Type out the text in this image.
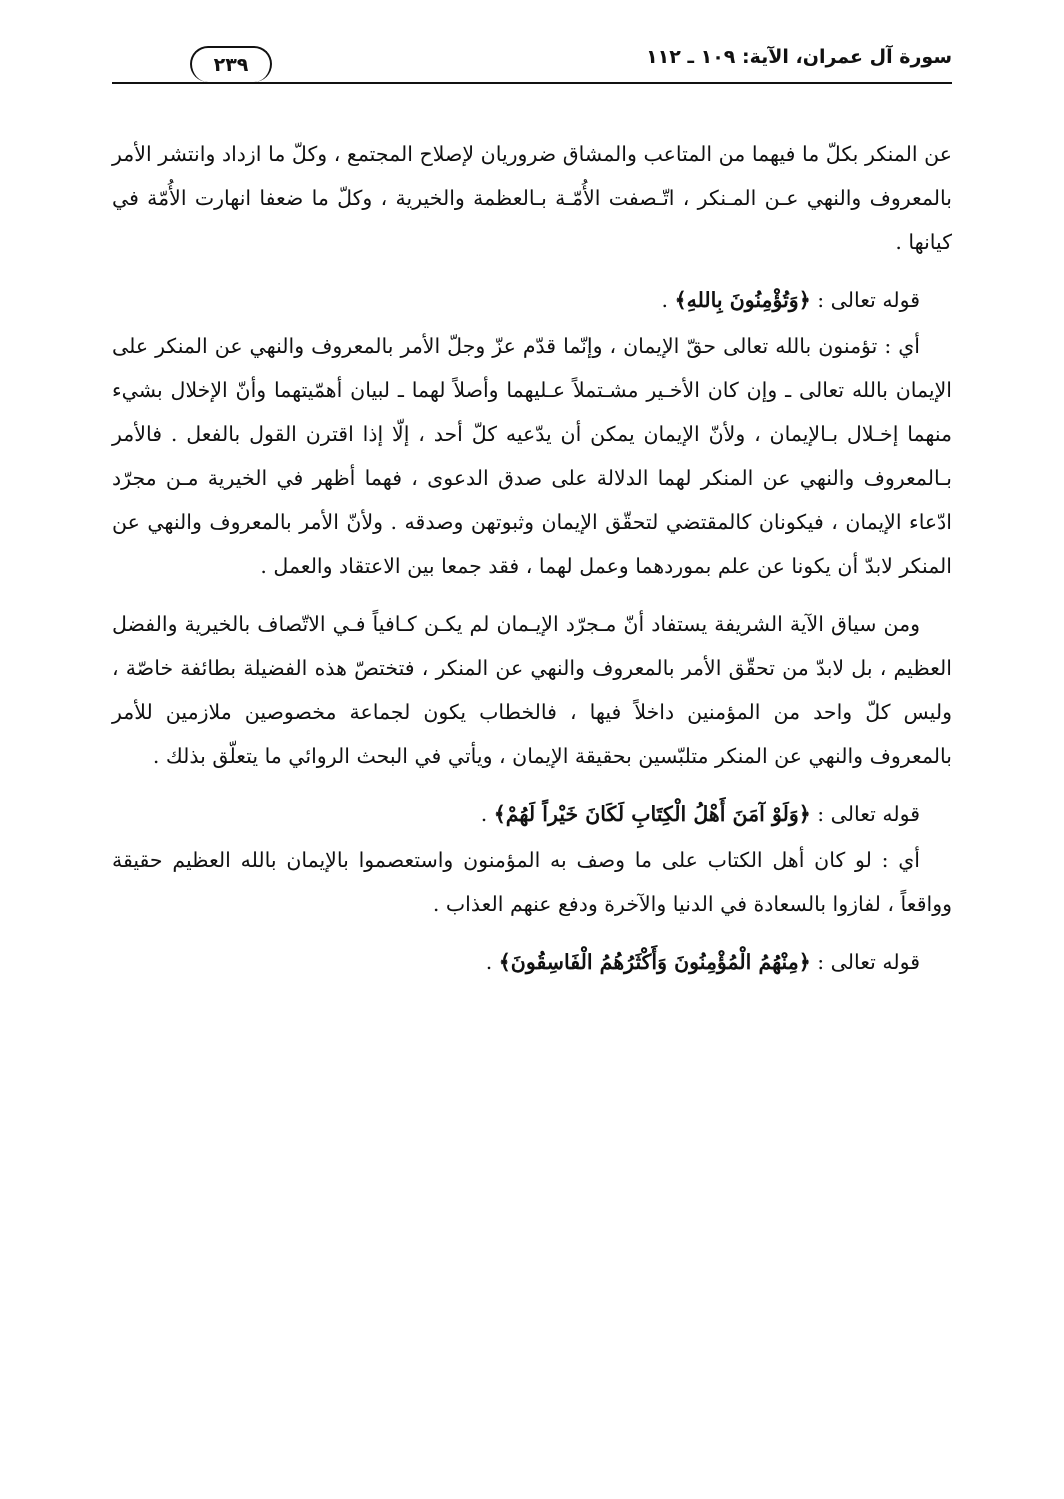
سورة آل عمران، الآية: ١٠٩ ـ ١١٢
٢٣٩

عن المنكر بكلّ ما فيهما من المتاعب والمشاق ضروريان لإصلاح المجتمع ، وكلّ ما ازداد وانتشر الأمر بالمعروف والنهي عـن المـنكر ، اتّـصفت الأُمّـة بـالعظمة والخيرية ، وكلّ ما ضعفا انهارت الأُمّة في كيانها .

قوله تعالى : ﴿وَتُؤْمِنُونَ بِاللهِ﴾ .

أي : تؤمنون بالله تعالى حقّ الإيمان ، وإنّما قدّم عزّ وجلّ الأمر بالمعروف والنهي عن المنكر على الإيمان بالله تعالى ـ وإن كان الأخـير مشـتملاً عـليهما وأصلاً لهما ـ لبيان أهمّيتهما وأنّ الإخلال بشيء منهما إخـلال بـالإيمان ، ولأنّ الإيمان يمكن أن يدّعيه كلّ أحد ، إلّا إذا اقترن القول بالفعل . فالأمر بـالمعروف والنهي عن المنكر لهما الدلالة على صدق الدعوى ، فهما أظهر في الخيرية مـن مجرّد ادّعاء الإيمان ، فيكونان كالمقتضي لتحقّق الإيمان وثبوتهن وصدقه . ولأنّ الأمر بالمعروف والنهي عن المنكر لابدّ أن يكونا عن علم بموردهما وعمل لهما ، فقد جمعا بين الاعتقاد والعمل .

ومن سياق الآية الشريفة يستفاد أنّ مـجرّد الإيـمان لم يكـن كـافياً فـي الاتّصاف بالخيرية والفضل العظيم ، بل لابدّ من تحقّق الأمر بالمعروف والنهي عن المنكر ، فتختصّ هذه الفضيلة بطائفة خاصّة ، وليس كلّ واحد من المؤمنين داخلاً فيها ، فالخطاب يكون لجماعة مخصوصين ملازمين للأمر بالمعروف والنهي عن المنكر متلبّسين بحقيقة الإيمان ، ويأتي في البحث الروائي ما يتعلّق بذلك .

قوله تعالى : ﴿وَلَوْ آمَنَ أَهْلُ الْكِتَابِ لَكَانَ خَيْراً لَهُمْ﴾ .

أي : لو كان أهل الكتاب على ما وصف به المؤمنون واستعصموا بالإيمان بالله العظيم حقيقة وواقعاً ، لفازوا بالسعادة في الدنيا والآخرة ودفع عنهم العذاب .

قوله تعالى : ﴿مِنْهُمُ الْمُؤْمِنُونَ وَأَكْثَرُهُمُ الْفَاسِقُونَ﴾ .
